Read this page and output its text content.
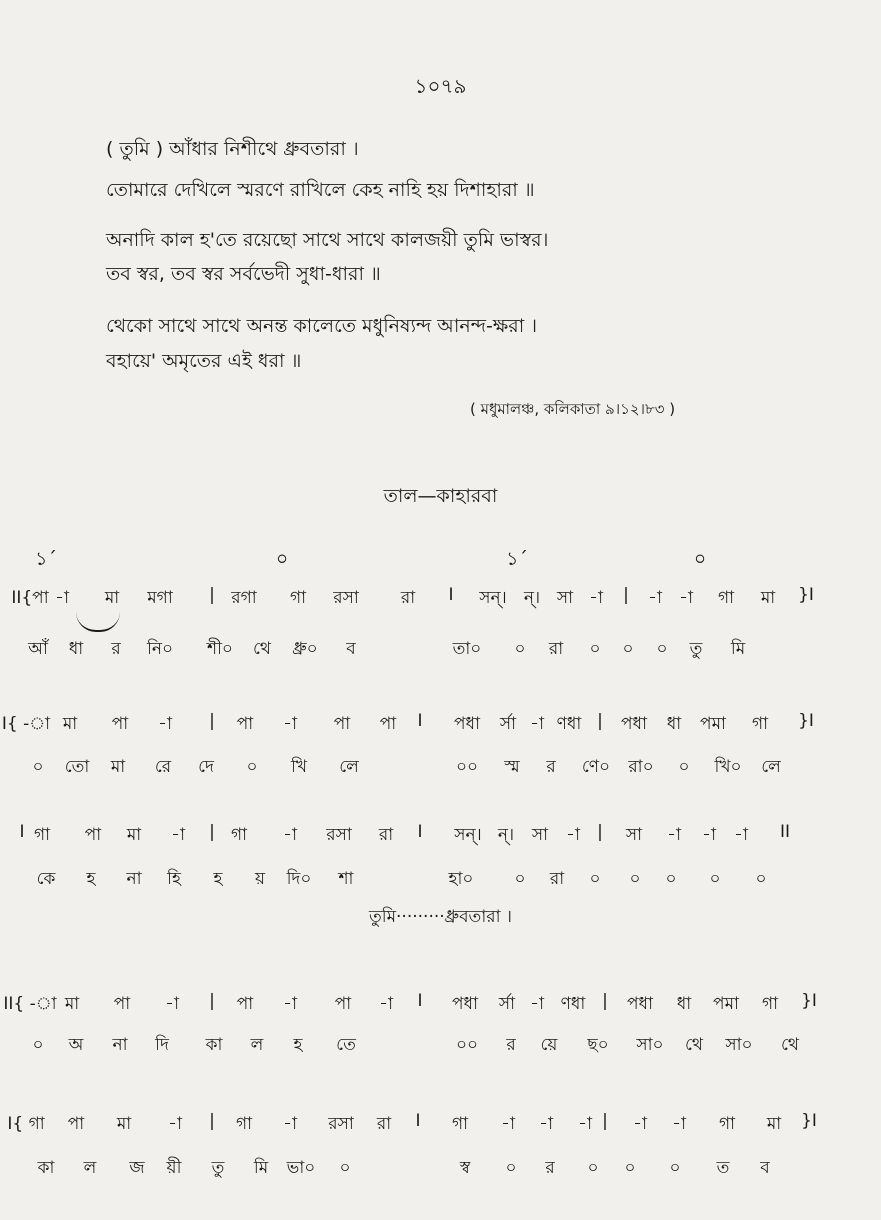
১০৭৯
( তুমি ) আঁধার নিশীথে ধ্রুবতারা ।
তোমারে দেখিলে স্মরণে রাখিলে কেহ নাহি হয় দিশাহারা ॥
অনাদি কাল হ'তে রয়েছো সাথে সাথে কালজয়ী তুমি ভাস্বর।
তব স্বর, তব স্বর সর্বভেদী সুধা-ধারা ॥
থেকো সাথে সাথে অনন্ত কালেতে মধুনিষ্যন্দ আনন্দ-ক্ষরা ।
বহায়ে' অমৃতের এই ধরা ॥
( মধুমালঞ্চ, কলিকাতা ৯।১২।৮৩ )
তাল—কাহারবা
১´	০	১´	০
II{পা -া মা মগা | রগা গা রসা রা I সন্। ন্। সা -া | -া -া গা মা }I
আঁ ধা র নি০ শী০ থে ধ্রু০ ব	তা০ ০ রা ০ ০ ০ তু মি
I{ -া মা পা -া | পা -া পা পা I পধা র্সা -া ণধা | পধা ধা পমা গা }I
০ তো মা রে দে ০ খি লে	০০ স্ম র ণে০ রা০ ০ খি০ লে
I গা পা মা -া | গা -া রসা রা I সন্। ন্। সা -া | সা -া -া -া II
কে হ না হি হ য় দি০ শা	হা০ ০ রা ০ ০ ০ ০ ০
II{ -া মা পা -া | পা -া পা -া I পধা র্সা -া ণধা | পধা ধা পমা গা }I
০ অ না দি কা ল হ তে	০০ র য়ে ছ০ সা০ থে সা০ থে
I{ গা পা মা -া | গা -া রসা রা I গা -া -া -া | -া -া গা মা }I
কা ল জ য়ী তু মি ভা০ ০	স্ব ০ র ০ ০ ০ ত ব
তুমি·········ধ্রুবতারা ।
